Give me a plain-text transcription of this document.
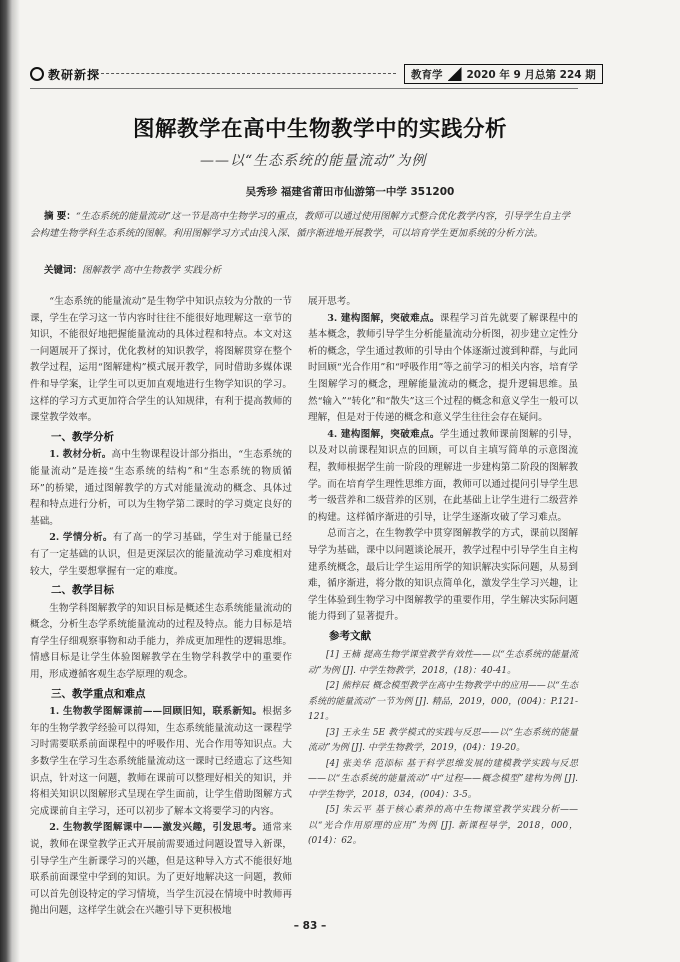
教研新探	教育学 2020 年 9 月总第 224 期
图解教学在高中生物教学中的实践分析
——以“生态系统的能量流动”为例
吴秀珍 福建省莆田市仙游第一中学 351200
摘 要：“生态系统的能量流动”这一节是高中生物学习的重点，教师可以通过使用图解方式整合优化教学内容，引导学生自主学会构建生物学科生态系统的图解。利用图解学习方式由浅入深、循序渐进地开展教学，可以培育学生更加系统的分析方法。
关键词：图解教学 高中生物教学 实践分析

“生态系统的能量流动”是生物学中知识点较为分散的一节课，学生在学习这一节内容时往往不能很好地理解这一章节的知识，不能很好地把握能量流动的具体过程和特点。本文对这一问题展开了探讨，优化教材的知识教学，将图解贯穿在整个教学过程，运用“图解建构”模式展开教学，同时借助多媒体课件和导学案，让学生可以更加直观地进行生物学知识的学习。这样的学习方式更加符合学生的认知规律，有利于提高教师的课堂教学效率。

一、教学分析

1. 教材分析。高中生物课程设计部分指出，“生态系统的能量流动”是连接“生态系统的结构”和“生态系统的物质循环”的桥梁，通过图解教学的方式对能量流动的概念、具体过程和特点进行分析，可以为生物学第二课时的学习奠定良好的基础。

2. 学情分析。有了高一的学习基础，学生对于能量已经有了一定基础的认识，但是更深层次的能量流动学习难度相对较大，学生要想掌握有一定的难度。

二、教学目标

生物学科图解教学的知识目标是概述生态系统能量流动的概念，分析生态学系统能量流动的过程及特点。能力目标是培育学生仔细观察事物和动手能力，养成更加理性的逻辑思维。情感目标是让学生体验图解教学在生物学科教学中的重要作用，形成遵循客观生态学原理的观念。

三、教学重点和难点

1. 生物教学图解课前——回顾旧知，联系新知。根据多年的生物学教学经验可以得知，生态系统能量流动这一课程学习时需要联系前面课程中的呼吸作用、光合作用等知识点。大多数学生在学习生态系统能量流动这一课时已经遗忘了这些知识点，针对这一问题，教师在课前可以整理好相关的知识，并将相关知识以图解形式呈现在学生面前，让学生借助图解方式完成课前自主学习，还可以初步了解本文将要学习的内容。

2. 生物教学图解课中——激发兴趣，引发思考。通常来说，教师在课堂教学正式开展前需要通过问题设置导入新课，引导学生产生新课学习的兴趣，但是这种导入方式不能很好地联系前面课堂中学到的知识。为了更好地解决这一问题，教师可以首先创设特定的学习情境，当学生沉浸在情境中时教师再抛出问题，这样学生就会在兴趣引导下更积极地

展开思考。

3. 建构图解，突破难点。课程学习首先就要了解课程中的基本概念，教师引导学生分析能量流动分析图，初步建立定性分析的概念，学生通过教师的引导由个体逐渐过渡到种群，与此同时回顾“光合作用”和“呼吸作用”等之前学习的相关内容，培育学生图解学习的概念，理解能量流动的概念，提升逻辑思维。虽然“输入”“转化”和“散失”这三个过程的概念和意义学生一般可以理解，但是对于传递的概念和意义学生往往会存在疑问。

4. 建构图解，突破难点。学生通过教师课前图解的引导，以及对以前课程知识点的回顾，可以自主填写简单的示意图流程，教师根据学生前一阶段的理解进一步建构第二阶段的图解教学。而在培育学生理性思维方面，教师可以通过提问引导学生思考一级营养和二级营养的区别，在此基础上让学生进行二级营养的构建。这样循序渐进的引导，让学生逐渐攻破了学习难点。

总而言之，在生物教学中贯穿图解教学的方式，课前以图解导学为基础，课中以问题谈论展开，教学过程中引导学生自主构建系统概念，最后让学生运用所学的知识解决实际问题，从易到难，循序渐进，将分散的知识点简单化，激发学生学习兴趣，让学生体验到生物学习中图解教学的重要作用，学生解决实际问题能力得到了显著提升。

参考文献

[1] 王楠 提高生物学课堂教学有效性——以“生态系统的能量流动”为例 [J]. 中学生物教学，2018，(18)：40-41。

[2] 熊梓辰 概念模型教学在高中生物教学中的应用——以“生态系统的能量流动”一节为例 [J]. 精品，2019，000，(004)：P.121-121。

[3] 王永生 5E 教学模式的实践与反思——以“生态系统的能量流动”为例 [J]. 中学生物教学，2019，(04)：19-20。

[4] 张美华 范添标 基于科学思维发展的建模教学实践与反思——以“生态系统的能量流动”中“过程——概念模型”建构为例 [J]. 中学生物学，2018，034，(004)：3-5。

[5] 朱云平 基于核心素养的高中生物课堂教学实践分析——以“光合作用原理的应用”为例 [J]. 新课程导学，2018，000，(014)：62。

– 83 –
